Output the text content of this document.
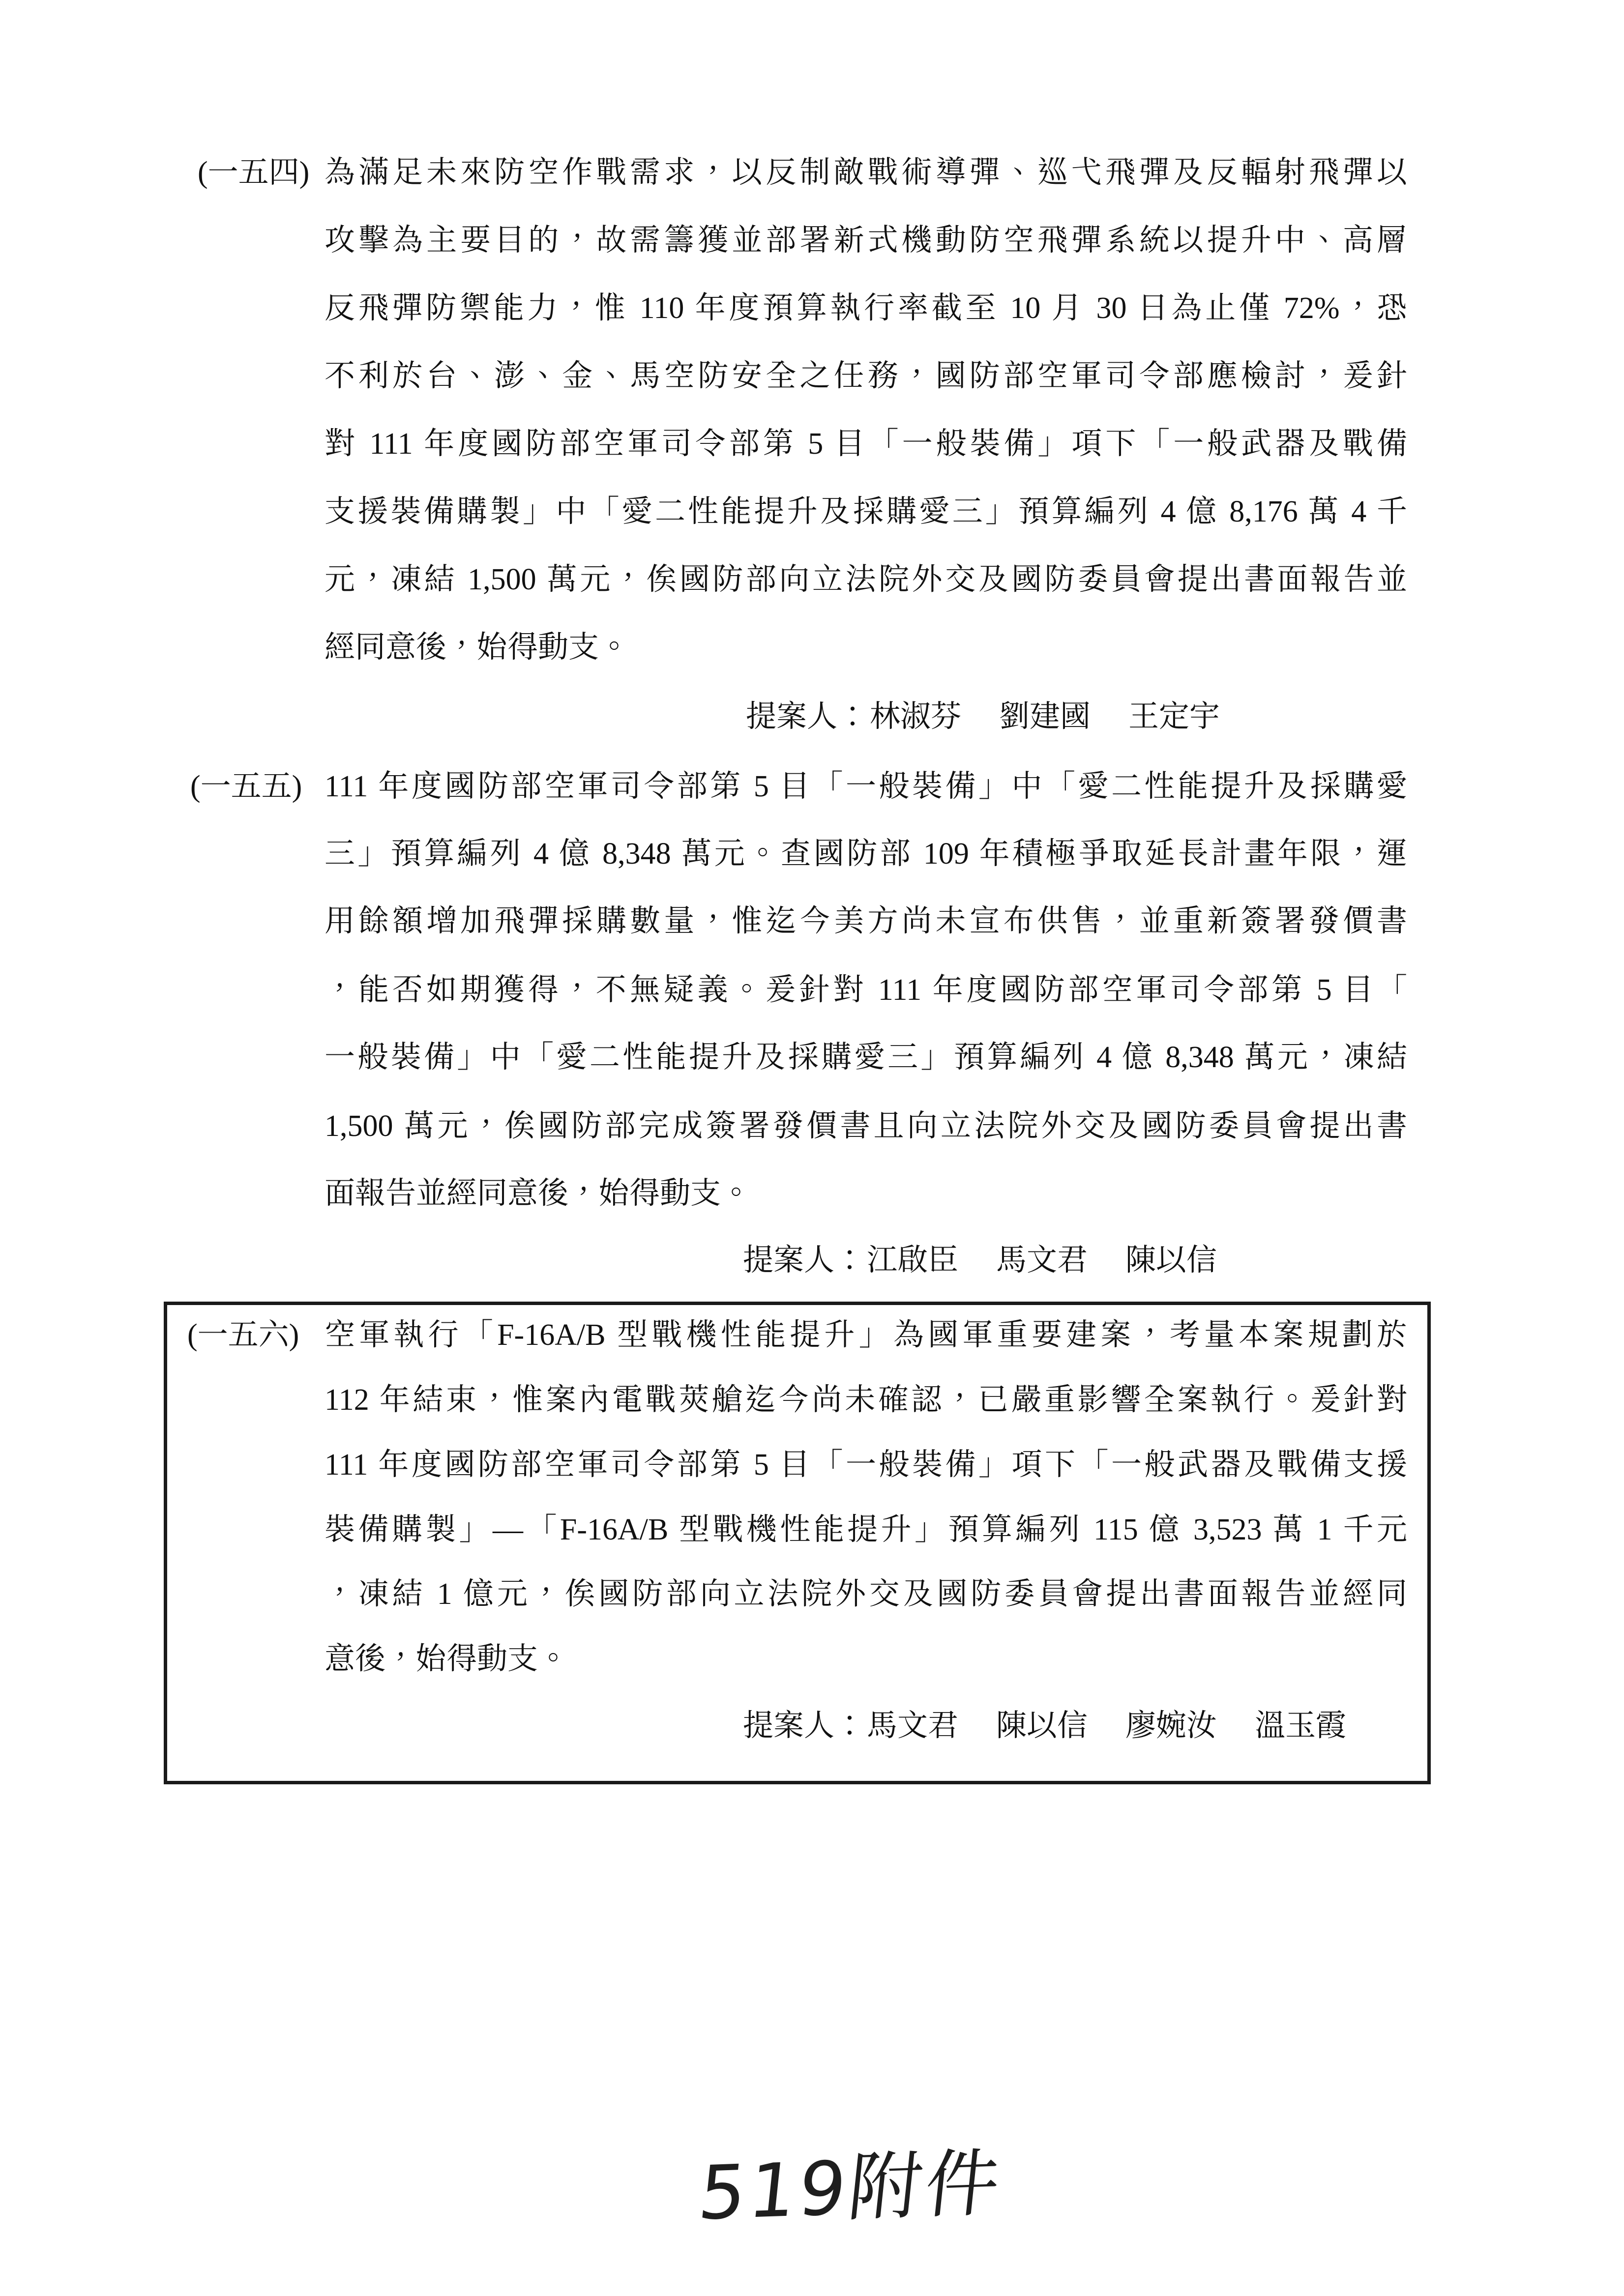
(一五四) 為滿足未來防空作戰需求，以反制敵戰術導彈、巡弋飛彈及反輻射飛彈以
攻擊為主要目的，故需籌獲並部署新式機動防空飛彈系統以提升中、高層
反飛彈防禦能力，惟 110 年度預算執行率截至 10 月 30 日為止僅 72%，恐
不利於台、澎、金、馬空防安全之任務，國防部空軍司令部應檢討，爰針
對 111 年度國防部空軍司令部第 5 目「一般裝備」項下「一般武器及戰備
支援裝備購製」中「愛二性能提升及採購愛三」預算編列 4 億 8,176 萬 4 千
元，凍結 1,500 萬元，俟國防部向立法院外交及國防委員會提出書面報告並
經同意後，始得動支。
提案人：林淑芬 劉建國 王定宇
(一五五) 111 年度國防部空軍司令部第 5 目「一般裝備」中「愛二性能提升及採購愛
三」預算編列 4 億 8,348 萬元。查國防部 109 年積極爭取延長計畫年限，運
用餘額增加飛彈採購數量，惟迄今美方尚未宣布供售，並重新簽署發價書
，能否如期獲得，不無疑義。爰針對 111 年度國防部空軍司令部第 5 目「
一般裝備」中「愛二性能提升及採購愛三」預算編列 4 億 8,348 萬元，凍結
1,500 萬元，俟國防部完成簽署發價書且向立法院外交及國防委員會提出書
面報告並經同意後，始得動支。
提案人：江啟臣 馬文君 陳以信
(一五六) 空軍執行「F-16A/B 型戰機性能提升」為國軍重要建案，考量本案規劃於
112 年結束，惟案內電戰莢艙迄今尚未確認，已嚴重影響全案執行。爰針對
111 年度國防部空軍司令部第 5 目「一般裝備」項下「一般武器及戰備支援
裝備購製」—「F-16A/B 型戰機性能提升」預算編列 115 億 3,523 萬 1 千元
，凍結 1 億元，俟國防部向立法院外交及國防委員會提出書面報告並經同
意後，始得動支。
提案人：馬文君 陳以信 廖婉汝 溫玉霞
519附件
